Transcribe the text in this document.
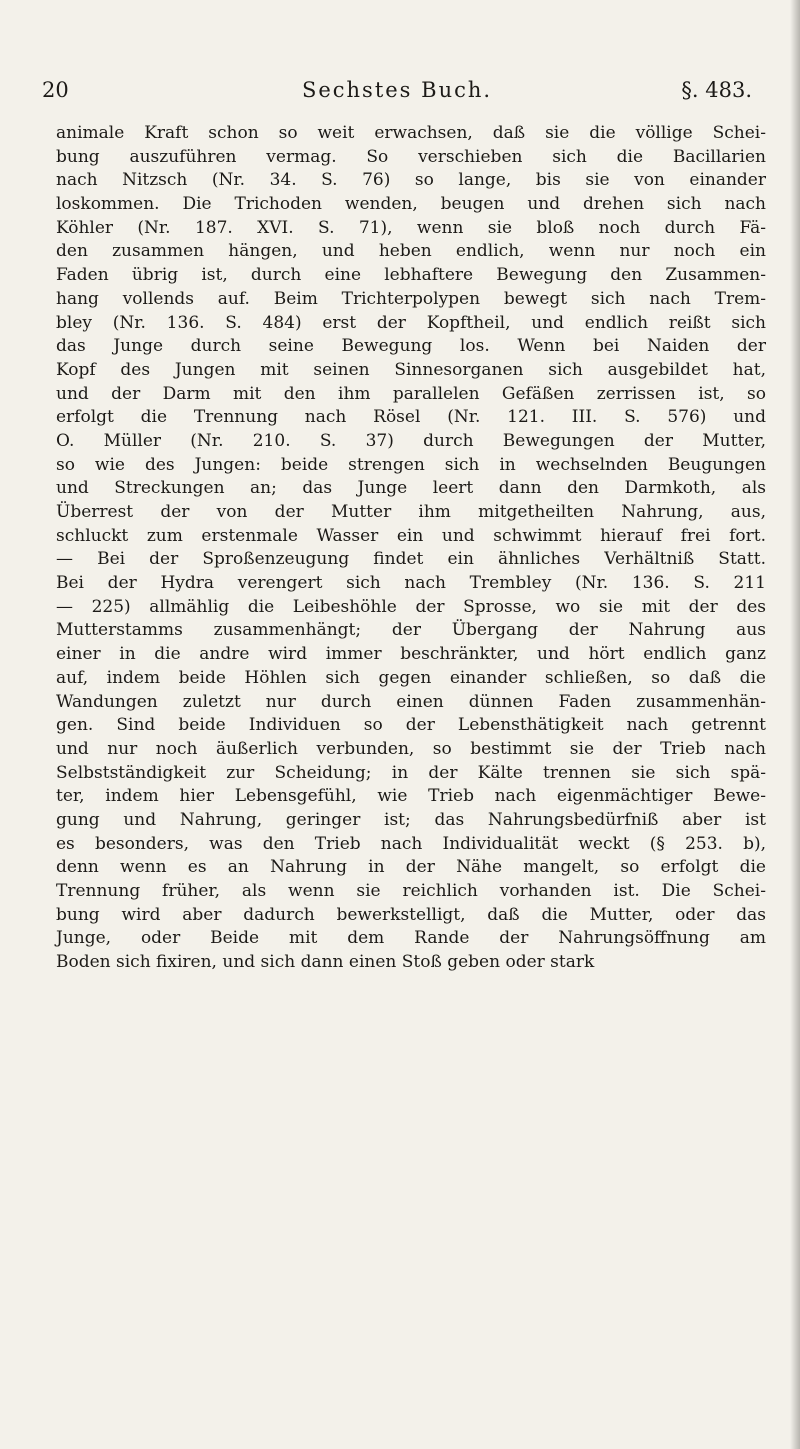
20	Sechstes Buch.	§. 483.
animale Kraft schon so weit erwachsen, daß sie die völlige Schei-
bung auszuführen vermag. So verschieben sich die Bacillarien
nach Nitzsch (Nr. 34. S. 76) so lange, bis sie von einander
loskommen. Die Trichoden wenden, beugen und drehen sich nach
Köhler (Nr. 187. XVI. S. 71), wenn sie bloß noch durch Fä-
den zusammen hängen, und heben endlich, wenn nur noch ein
Faden übrig ist, durch eine lebhaftere Bewegung den Zusammen-
hang vollends auf. Beim Trichterpolypen bewegt sich nach Trem-
bley (Nr. 136. S. 484) erst der Kopftheil, und endlich reißt sich
das Junge durch seine Bewegung los. Wenn bei Naiden der
Kopf des Jungen mit seinen Sinnesorganen sich ausgebildet hat,
und der Darm mit den ihm parallelen Gefäßen zerrissen ist, so
erfolgt die Trennung nach Rösel (Nr. 121. III. S. 576) und
O. Müller (Nr. 210. S. 37) durch Bewegungen der Mutter,
so wie des Jungen: beide strengen sich in wechselnden Beugungen
und Streckungen an; das Junge leert dann den Darmkoth, als
Überrest der von der Mutter ihm mitgetheilten Nahrung, aus,
schluckt zum erstenmale Wasser ein und schwimmt hierauf frei fort.
— Bei der Sproßenzeugung findet ein ähnliches Verhältniß Statt.
Bei der Hydra verengert sich nach Trembley (Nr. 136. S. 211
— 225) allmählig die Leibeshöhle der Sprosse, wo sie mit der des
Mutterstamms zusammenhängt; der Übergang der Nahrung aus
einer in die andre wird immer beschränkter, und hört endlich ganz
auf, indem beide Höhlen sich gegen einander schließen, so daß die
Wandungen zuletzt nur durch einen dünnen Faden zusammenhän-
gen. Sind beide Individuen so der Lebensthätigkeit nach getrennt
und nur noch äußerlich verbunden, so bestimmt sie der Trieb nach
Selbstständigkeit zur Scheidung; in der Kälte trennen sie sich spä-
ter, indem hier Lebensgefühl, wie Trieb nach eigenmächtiger Bewe-
gung und Nahrung, geringer ist; das Nahrungsbedürfniß aber ist
es besonders, was den Trieb nach Individualität weckt (§ 253. b),
denn wenn es an Nahrung in der Nähe mangelt, so erfolgt die
Trennung früher, als wenn sie reichlich vorhanden ist. Die Schei-
bung wird aber dadurch bewerkstelligt, daß die Mutter, oder das
Junge, oder Beide mit dem Rande der Nahrungsöffnung am
Boden sich fixiren, und sich dann einen Stoß geben oder stark
